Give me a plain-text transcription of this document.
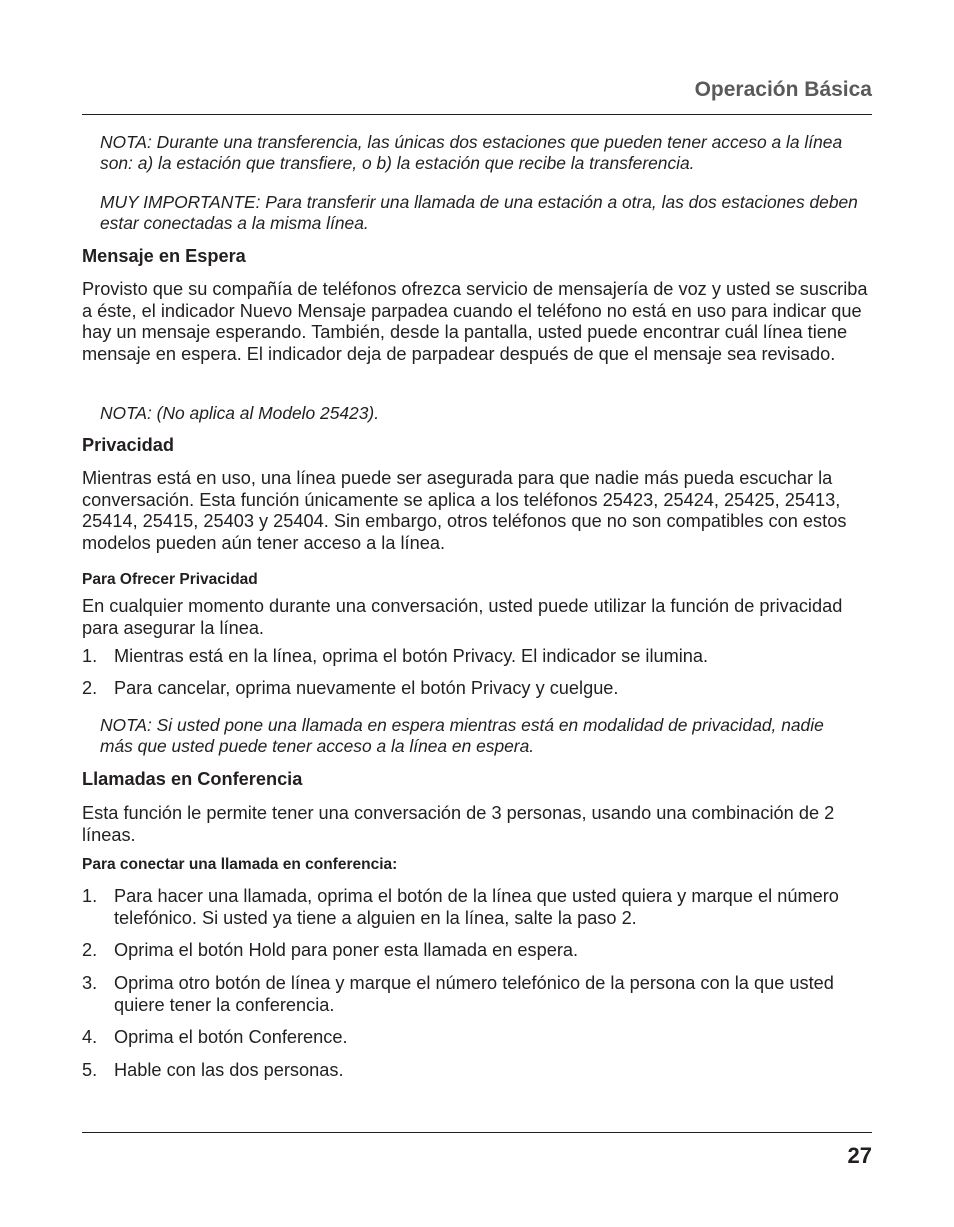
Operación Básica

NOTA: Durante una transferencia, las únicas dos estaciones que pueden tener acceso a la línea son: a) la estación que transfiere, o b) la estación que recibe la transferencia.

MUY IMPORTANTE: Para transferir una llamada de una estación a otra, las dos estaciones deben estar conectadas a la misma línea.

Mensaje en Espera

Provisto que su compañía de teléfonos ofrezca servicio de mensajería de voz y usted se suscriba a éste, el indicador Nuevo Mensaje parpadea cuando el teléfono no está en uso para indicar que hay un mensaje esperando. También, desde la pantalla, usted puede encontrar cuál línea tiene mensaje en espera. El indicador deja de parpadear después de que el mensaje sea revisado.

NOTA: (No aplica al Modelo 25423).

Privacidad

Mientras está en uso, una línea puede ser asegurada para que nadie más pueda escuchar la conversación. Esta función únicamente se aplica a los teléfonos 25423, 25424, 25425, 25413, 25414, 25415, 25403 y 25404. Sin embargo, otros teléfonos que no son compatibles con estos modelos pueden aún tener acceso a la línea.

Para Ofrecer Privacidad

En cualquier momento durante una conversación, usted puede utilizar la función de privacidad para asegurar la línea.

1. Mientras está en la línea, oprima el botón Privacy. El indicador se ilumina.
2. Para cancelar, oprima nuevamente el botón Privacy y cuelgue.

NOTA: Si usted pone una llamada en espera mientras está en modalidad de privacidad, nadie más que usted puede tener acceso a la línea en espera.

Llamadas en Conferencia

Esta función le permite tener una conversación de 3 personas, usando una combinación de 2 líneas.

Para conectar una llamada en conferencia:
1. Para hacer una llamada, oprima el botón de la línea que usted quiera y marque el número telefónico. Si usted ya tiene a alguien en la línea, salte la paso 2.
2. Oprima el botón Hold para poner esta llamada en espera.
3. Oprima otro botón de línea y marque el número telefónico de la persona con la que usted quiere tener la conferencia.
4. Oprima el botón Conference.
5. Hable con las dos personas.
27
